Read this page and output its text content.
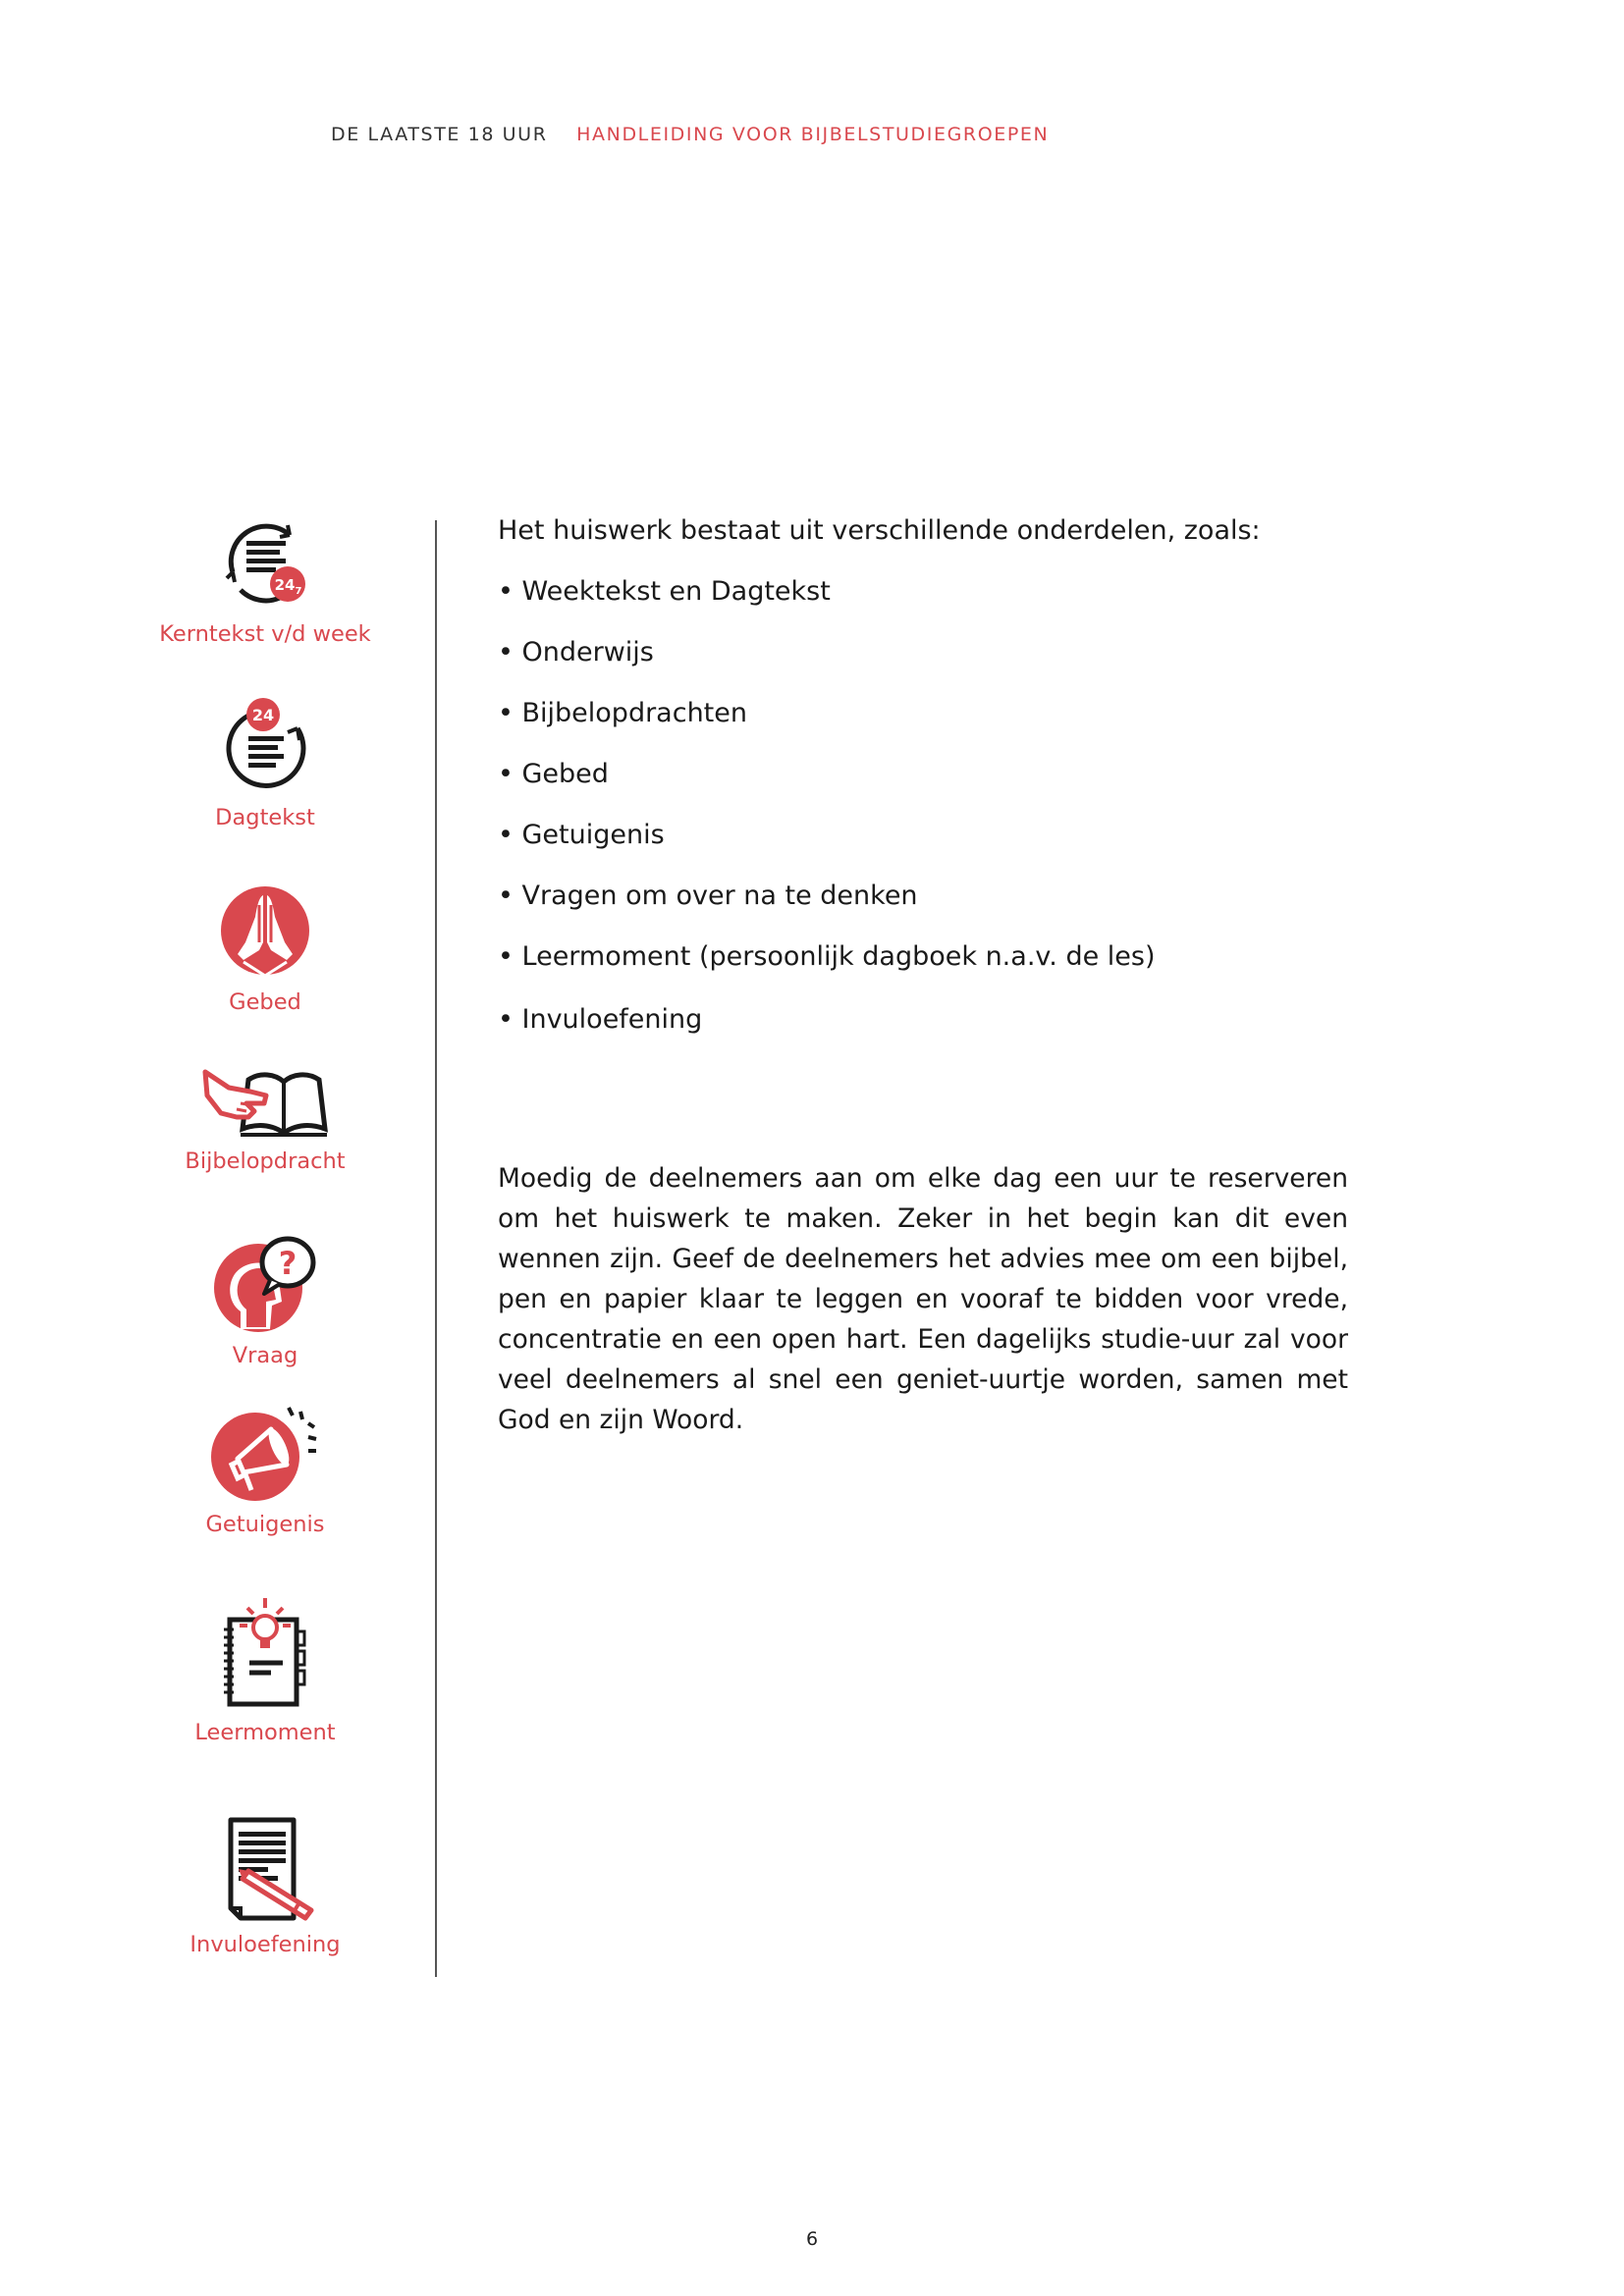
DE LAATSTE 18 UUR HANDLEIDING VOOR BIJBELSTUDIEGROEPEN
24 7
Kerntekst v/d week
24
Dagtekst
Gebed
Bijbelopdracht
?
Vraag
Getuigenis
Leermoment
Invuloefening

Het huiswerk bestaat uit verschillende onderdelen, zoals:

• Weektekst en Dagtekst
• Onderwijs
• Bijbelopdrachten
• Gebed
• Getuigenis
• Vragen om over na te denken
• Leermoment (persoonlijk dagboek n.a.v. de les)
• Invuloefening

Moedig de deelnemers aan om elke dag een uur te reserveren om het huiswerk te maken. Zeker in het begin kan dit even wennen zijn. Geef de deelnemers het advies mee om een bijbel, pen en papier klaar te leggen en vooraf te bidden voor vrede, concentratie en een open hart. Een dagelijks studie-uur zal voor veel deelnemers al snel een geniet-uurtje worden, samen met God en zijn Woord.

6
